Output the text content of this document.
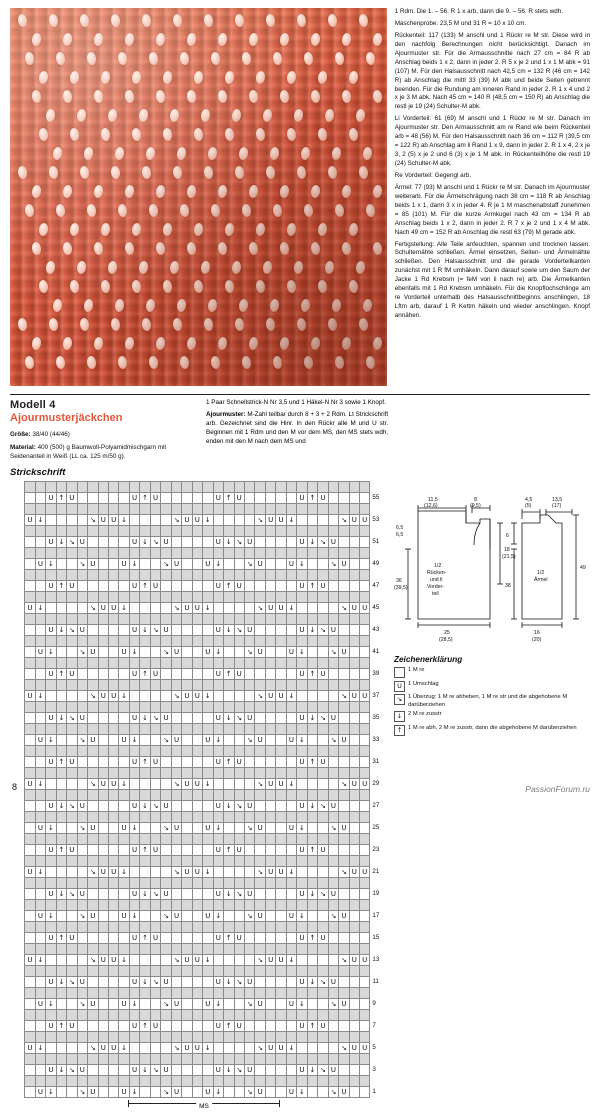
1 Rdm. Die 1. – 56. R 1 x arb, dann die 9. – 56. R stets wdh.

Maschenprobe: 23,5 M und 31 R = 10 x 10 cm.

Rückenteil: 117 (133) M anschl und 1 Rückr re M str. Diese wird in den nachfolg Berechnungen nicht berücksichtigt. Danach im Ajourmuster str. Für die Armausschnitte nach 27 cm = 84 R ab Anschlag beids 1 x 2, dann in jeder 2. R 5 x je 2 und 1 x 1 M abk = 91 (107) M. Für den Halsausschnitt nach 42,5 cm = 132 R (46 cm = 142 R) ab Anschlag die mittl 33 (39) M abk und beide Seiten getrennt beenden. Für die Rundung am inneren Rand in jeder 2. R 1 x 4 und 2 x je 3 M abk. Nach 45 cm = 140 R (48,5 cm = 150 R) ab Anschlag die restl je 19 (24) Schulter-M abk.

Li Vorderteil: 61 (69) M anschl und 1 Rückr re M str. Danach im Ajourmuster str. Den Armausschnitt am re Rand wie beim Rückenteil arb = 48 (56) M. Für den Halsausschnitt nach 36 cm = 112 R (39,5 cm = 122 R) ab Anschlag am li Rand 1 x 9, dann in jeder 2. R 1 x 4, 2 x je 3, 2 (5) x je 2 und 6 (3) x je 1 M abk. In Rückenteilhöhe die restl 19 (24) Schulter-M abk.

Re Vorderteil: Gegengl arb.

Ärmel: 77 (93) M anschl und 1 Rückr re M str. Danach im Ajourmuster weiterarb. Für die Ärmelschrägung nach 38 cm = 118 R ab Anschlag beids 1 x 1, dann 3 x in jeder 4. R je 1 M maschenabstaff zunehmen = 85 (101) M. Für die kurze Armkugel nach 43 cm = 134 R ab Anschlag beids 1 x 2, dann in jeder 2. R 7 x je 2 und 1 x 4 M abk. Nach 49 cm = 152 R ab Anschlag die restl 63 (79) M gerade abk.

Fertigstellung: Alle Teile anfeuchten, spannen und trocknen lassen. Schulternähte schließen. Ärmel einsetzen, Seiten- und Ärmelnähte schließen. Den Halsausschnitt und die gerade Vorderteilkanten zunächst mit 1 R fM umhäkeln. Dann darauf sowie um den Saum der Jacke 1 Rd Krebsm (= feM von li nach re) arb. Die Ärmelkanten ebenfalls mit 1 Rd Krebsm umhäkeln. Für die Knopflochschlinge am re Vorderteil unterhalb des Halsausschnittbeginns anschlingen, 18 Lftm arb, darauf 1 R Kettm häkeln und wieder anschlingen. Knopf annähen.

Modell 4
Ajourmusterjäckchen

Größe: 38/40 (44/46)

Material: 400 (500) g Baumwoll-Polyamidmischgarn mit Seidenanteil in Weiß (LL ca. 125 m/50 g).

1 Paar Schnellstrick-N Nr 3,5 und 1 Häkel-N Nr 3 sowie 1 Knopf.

Ajourmuster: M-Zahl teilbar durch 8 + 3 + 2 Rdm. Lt Strickschrift arb. Gezeichnet sind die Hinr. In den Rückr alle M und U str. Beginnen mit 1 Rdm und den M vor dem MS, den MS stets wdh, enden mit den M nach dem MS und

Strickschrift

			U	↑	U						U	↑	U						U	↑	U						U	↑	U					55

	U	↓					↘	U	U	↓					↘	U	U	↓					↘	U	U	↓					↘	U	U	53

			U	↓	↘	U					U	↓	↘	U					U	↓	↘	U					U	↓	↘	U				51

		U	↓			↘	U			U	↓			↘	U			U	↓			↘	U			U	↓			↘	U			49

			U	↑	U						U	↑	U						U	↑	U						U	↑	U					47

	U	↓					↘	U	U	↓					↘	U	U	↓					↘	U	U	↓					↘	U	U	45

			U	↓	↘	U					U	↓	↘	U					U	↓	↘	U					U	↓	↘	U				43

		U	↓			↘	U			U	↓			↘	U			U	↓			↘	U			U	↓			↘	U			41

			U	↑	U						U	↑	U						U	↑	U						U	↑	U					39

	U	↓					↘	U	U	↓					↘	U	U	↓					↘	U	U	↓					↘	U	U	37

			U	↓	↘	U					U	↓	↘	U					U	↓	↘	U					U	↓	↘	U				35

		U	↓			↘	U			U	↓			↘	U			U	↓			↘	U			U	↓			↘	U			33

			U	↑	U						U	↑	U						U	↑	U						U	↑	U					31

	U	↓					↘	U	U	↓					↘	U	U	↓					↘	U	U	↓					↘	U	U	29

			U	↓	↘	U					U	↓	↘	U					U	↓	↘	U					U	↓	↘	U				27

		U	↓			↘	U			U	↓			↘	U			U	↓			↘	U			U	↓			↘	U			25

			U	↑	U						U	↑	U						U	↑	U						U	↑	U					23

	U	↓					↘	U	U	↓					↘	U	U	↓					↘	U	U	↓					↘	U	U	21

			U	↓	↘	U					U	↓	↘	U					U	↓	↘	U					U	↓	↘	U				19

		U	↓			↘	U			U	↓			↘	U			U	↓			↘	U			U	↓			↘	U			17

			U	↑	U						U	↑	U						U	↑	U						U	↑	U					15

	U	↓					↘	U	U	↓					↘	U	U	↓					↘	U	U	↓					↘	U	U	13

			U	↓	↘	U					U	↓	↘	U					U	↓	↘	U					U	↓	↘	U				11

		U	↓			↘	U			U	↓			↘	U			U	↓			↘	U			U	↓			↘	U			9

			U	↑	U						U	↑	U						U	↑	U						U	↑	U					7

	U	↓					↘	U	U	↓					↘	U	U	↓					↘	U	U	↓					↘	U	U	5

			U	↓	↘	U					U	↓	↘	U					U	↓	↘	U					U	↓	↘	U				3

		U	↓			↘	U			U	↓			↘	U			U	↓			↘	U			U	↓			↘	U			1
MS
11,5
(12,6)
8
(9,5)
6,5
6,5
36
(39,5)
18
(21,5)
25
(28,5)
1/2
Rücken-
und li
Vorder-
teil
4,5
(5)
13,5
(17)
6
38
49
16
(20)
1/2
Ärmel
Zeichenerklärung
1 M re
U	1 Umschlag
↘ 1 Überzug: 1 M re abheben, 1 M re str und die abgehobene M darüberziehen
↓ 2 M re zusstr
↑ 1 M re abh, 2 M re zusstr, dann die abgehobene M darüberziehen
8	PassionForum.ru
